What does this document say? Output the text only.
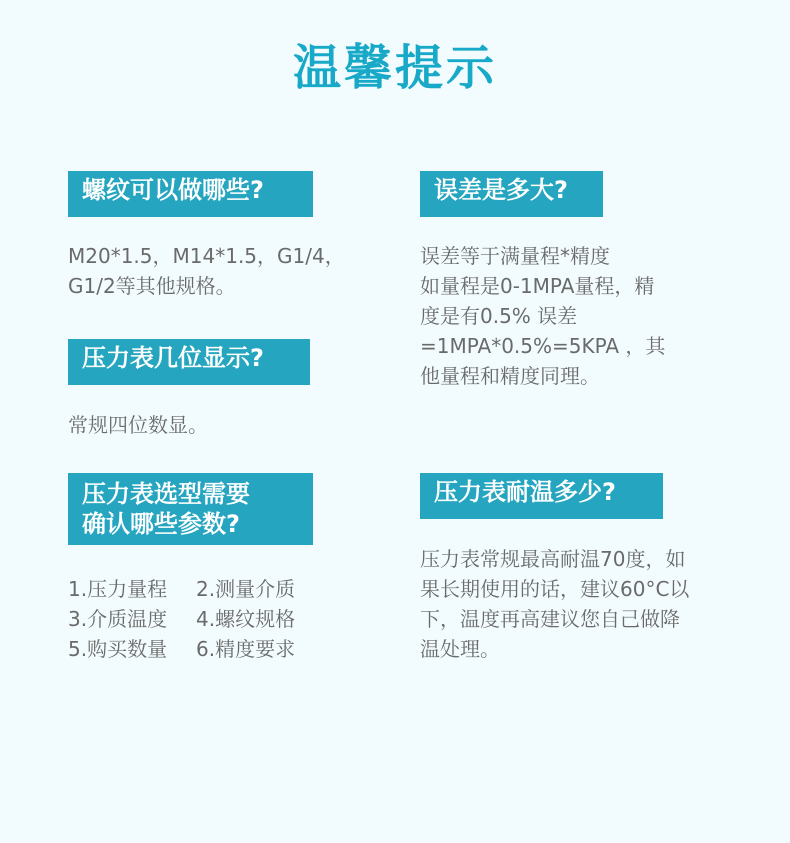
温馨提示
螺纹可以做哪些?
M20*1.5，M14*1.5，G1/4，
G1/2等其他规格。
压力表几位显示?
常规四位数显。
压力表选型需要
确认哪些参数?
1.压力量程	2.测量介质
3.介质温度	4.螺纹规格
5.购买数量	6.精度要求
误差是多大?
误差等于满量程*精度
如量程是0-1MPA量程，精
度是有0.5% 误差
=1MPA*0.5%=5KPA ，其
他量程和精度同理。
压力表耐温多少?
压力表常规最高耐温70度，如
果长期使用的话，建议60°C以
下，温度再高建议您自己做降
温处理。
